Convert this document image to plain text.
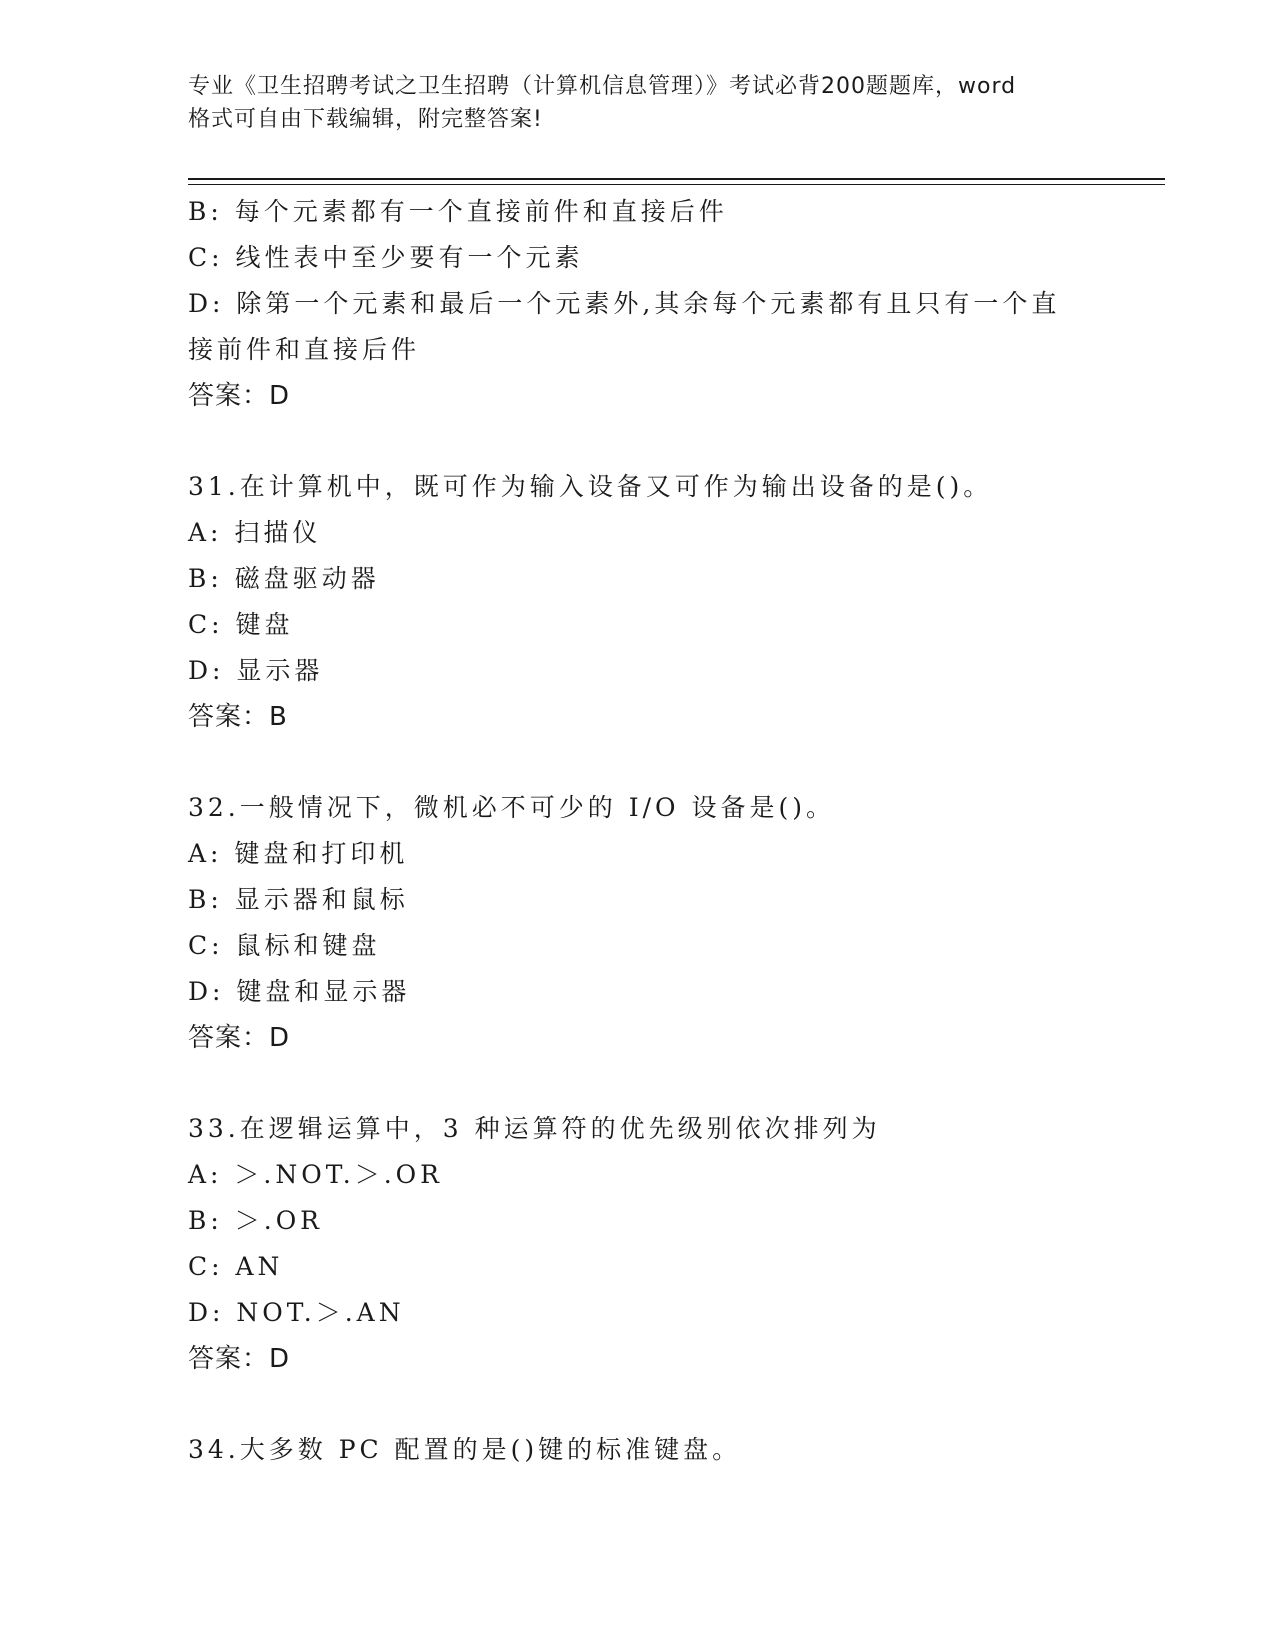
专业《卫生招聘考试之卫生招聘（计算机信息管理）》考试必背200题题库，word
格式可自由下载编辑，附完整答案!
B: 每个元素都有一个直接前件和直接后件
C: 线性表中至少要有一个元素
D: 除第一个元素和最后一个元素外,其余每个元素都有且只有一个直
接前件和直接后件
答案：D
31.在计算机中，既可作为输入设备又可作为输出设备的是()。
A: 扫描仪
B: 磁盘驱动器
C: 键盘
D: 显示器
答案：B
32.一般情况下，微机必不可少的 I/O 设备是()。
A: 键盘和打印机
B: 显示器和鼠标
C: 鼠标和键盘
D: 键盘和显示器
答案：D
33.在逻辑运算中，3 种运算符的优先级别依次排列为
A: ＞.NOT.＞.OR
B: ＞.OR
C: AN
D: NOT.＞.AN
答案：D
34.大多数 PC 配置的是()键的标准键盘。
